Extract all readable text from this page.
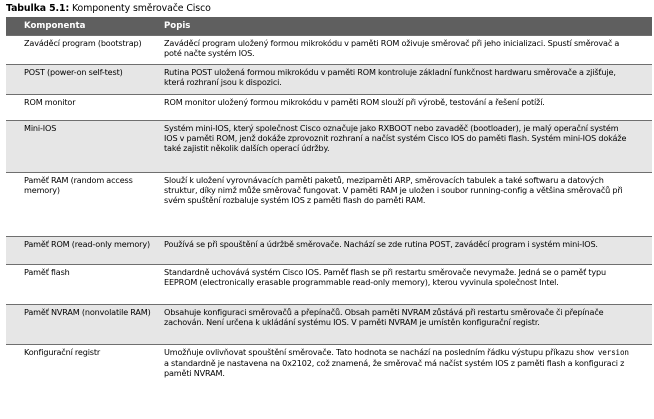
Tabulka 5.1: Komponenty směrovače Cisco
Komponenta	Popis
Zaváděcí program (bootstrap)	Zaváděcí program uložený formou mikrokódu v paměti ROM oživuje směrovač při jeho inicializaci. Spustí směrovač a poté načte systém IOS.
POST (power-on self-test)	Rutina POST uložená formou mikrokódu v paměti ROM kontroluje základní funkčnost hardwaru směrovače a zjišťuje, která rozhraní jsou k dispozici.
ROM monitor	ROM monitor uložený formou mikrokódu v paměti ROM slouží při výrobě, testování a řešení potíží.
Mini-IOS	Systém mini-IOS, který společnost Cisco označuje jako RXBOOT nebo zavaděč (bootloader), je malý operační systém IOS v paměti ROM, jenž dokáže zprovoznit rozhraní a načíst systém Cisco IOS do paměti flash. Systém mini-IOS dokáže také zajistit několik dalších operací údržby.
Paměť RAM (random access memory)	Slouží k uložení vyrovnávacích paměti paketů, mezipaměti ARP, směrovacích tabulek a také softwaru a datových struktur, díky nimž může směrovač fungovat. V paměti RAM je uložen i soubor running-config a většina směrovačů při svém spuštění rozbaluje systém IOS z paměti flash do paměti RAM.
Paměť ROM (read-only memory)	Používá se při spouštění a údržbě směrovače. Nachází se zde rutina POST, zaváděcí program i systém mini-IOS.
Paměť flash	Standardně uchovává systém Cisco IOS. Paměť flash se při restartu směrovače nevymaže. Jedná se o paměť typu EEPROM (electronically erasable programmable read-only memory), kterou vyvinula společnost Intel.
Paměť NVRAM (nonvolatile RAM)	Obsahuje konfiguraci směrovačů a přepínačů. Obsah paměti NVRAM zůstává při restartu směrovače či přepínače zachován. Není určena k ukládání systému IOS. V paměti NVRAM je umístěn konfigurační registr.
Konfigurační registr	Umožňuje ovlivňovat spouštění směrovače. Tato hodnota se nachází na posledním řádku výstupu příkazu show version a standardně je nastavena na 0x2102, což znamená, že směrovač má načíst systém IOS z paměti flash a konfiguraci z paměti NVRAM.
